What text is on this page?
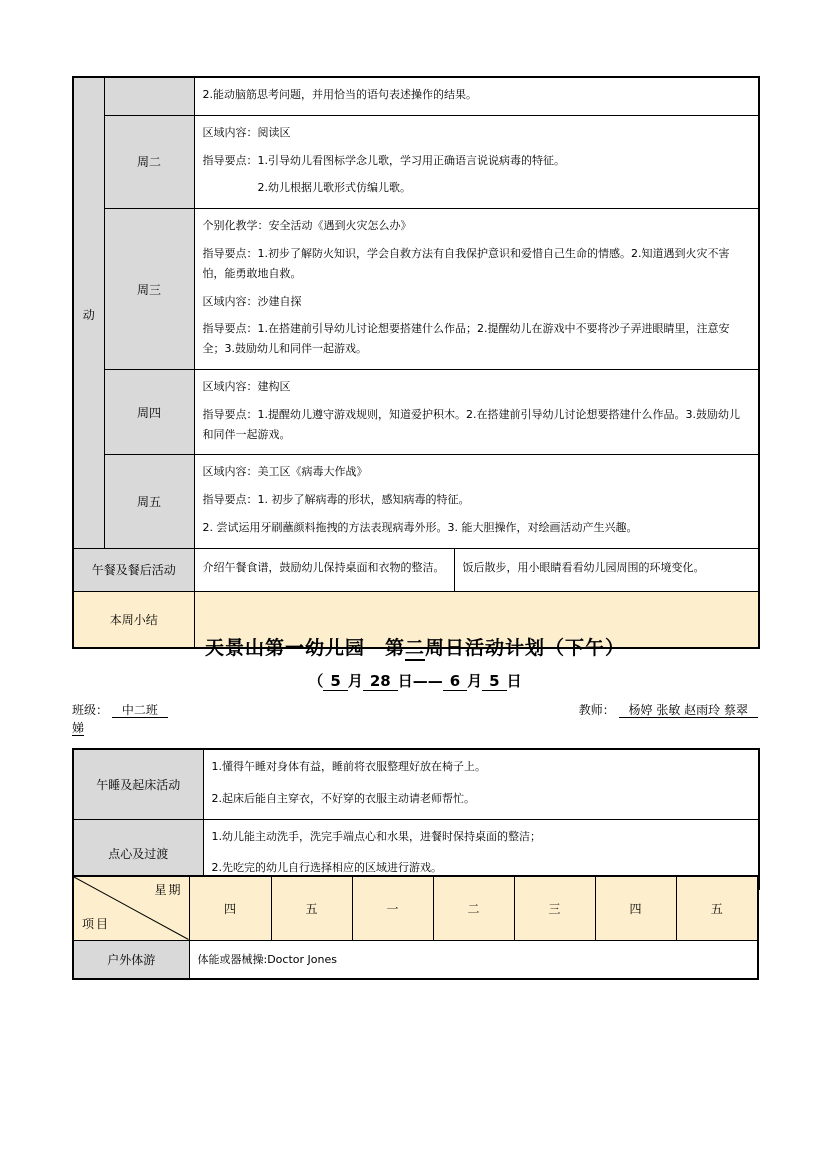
动		2.能动脑筋思考问题，并用恰当的语句表述操作的结果。	

	周二	区域内容：阅读区

指导要点：1.引导幼儿看图标学念儿歌，学习用正确语言说说病毒的特征。

　　　　　2.幼儿根据儿歌形式仿编儿歌。	

	周三	个别化教学：安全活动《遇到火灾怎么办》

指导要点：1.初步了解防火知识，学会自救方法有自我保护意识和爱惜自己生命的情感。2.知道遇到火灾不害怕，能勇敢地自救。

区域内容：沙建自探

指导要点：1.在搭建前引导幼儿讨论想要搭建什么作品；2.提醒幼儿在游戏中不要将沙子弄进眼睛里，注意安全；3.鼓励幼儿和同伴一起游戏。	

	周四	区域内容：建构区

指导要点：1.提醒幼儿遵守游戏规则，知道爱护积木。2.在搭建前引导幼儿讨论想要搭建什么作品。3.鼓励幼儿和同伴一起游戏。	

	周五	区域内容：美工区《病毒大作战》

指导要点：1. 初步了解病毒的形状，感知病毒的特征。

2. 尝试运用牙刷蘸颜料拖拽的方法表现病毒外形。3. 能大胆操作，对绘画活动产生兴趣。	

午餐及餐后活动		介绍午餐食谱，鼓励幼儿保持桌面和衣物的整洁。	饭后散步，用小眼睛看看幼儿园周围的环境变化。

本周小结			
天景山第一幼儿园　第二周日活动计划（下午）
（ 5 月 28 日—— 6 月 5 日
班级： 中二班	教师： 杨婷 张敏 赵雨玲 蔡翠
娣
午睡及起床活动	1.懂得午睡对身体有益，睡前将衣服整理好放在椅子上。

2.起床后能自主穿衣，不好穿的衣服主动请老师帮忙。

点心及过渡	1.幼儿能主动洗手，洗完手端点心和水果，进餐时保持桌面的整洁；

2.先吃完的幼儿自行选择相应的区域进行游戏。

星期
项目	四	五	一	二	三	四	五
户外体游	体能或器械操:Doctor Jones						
